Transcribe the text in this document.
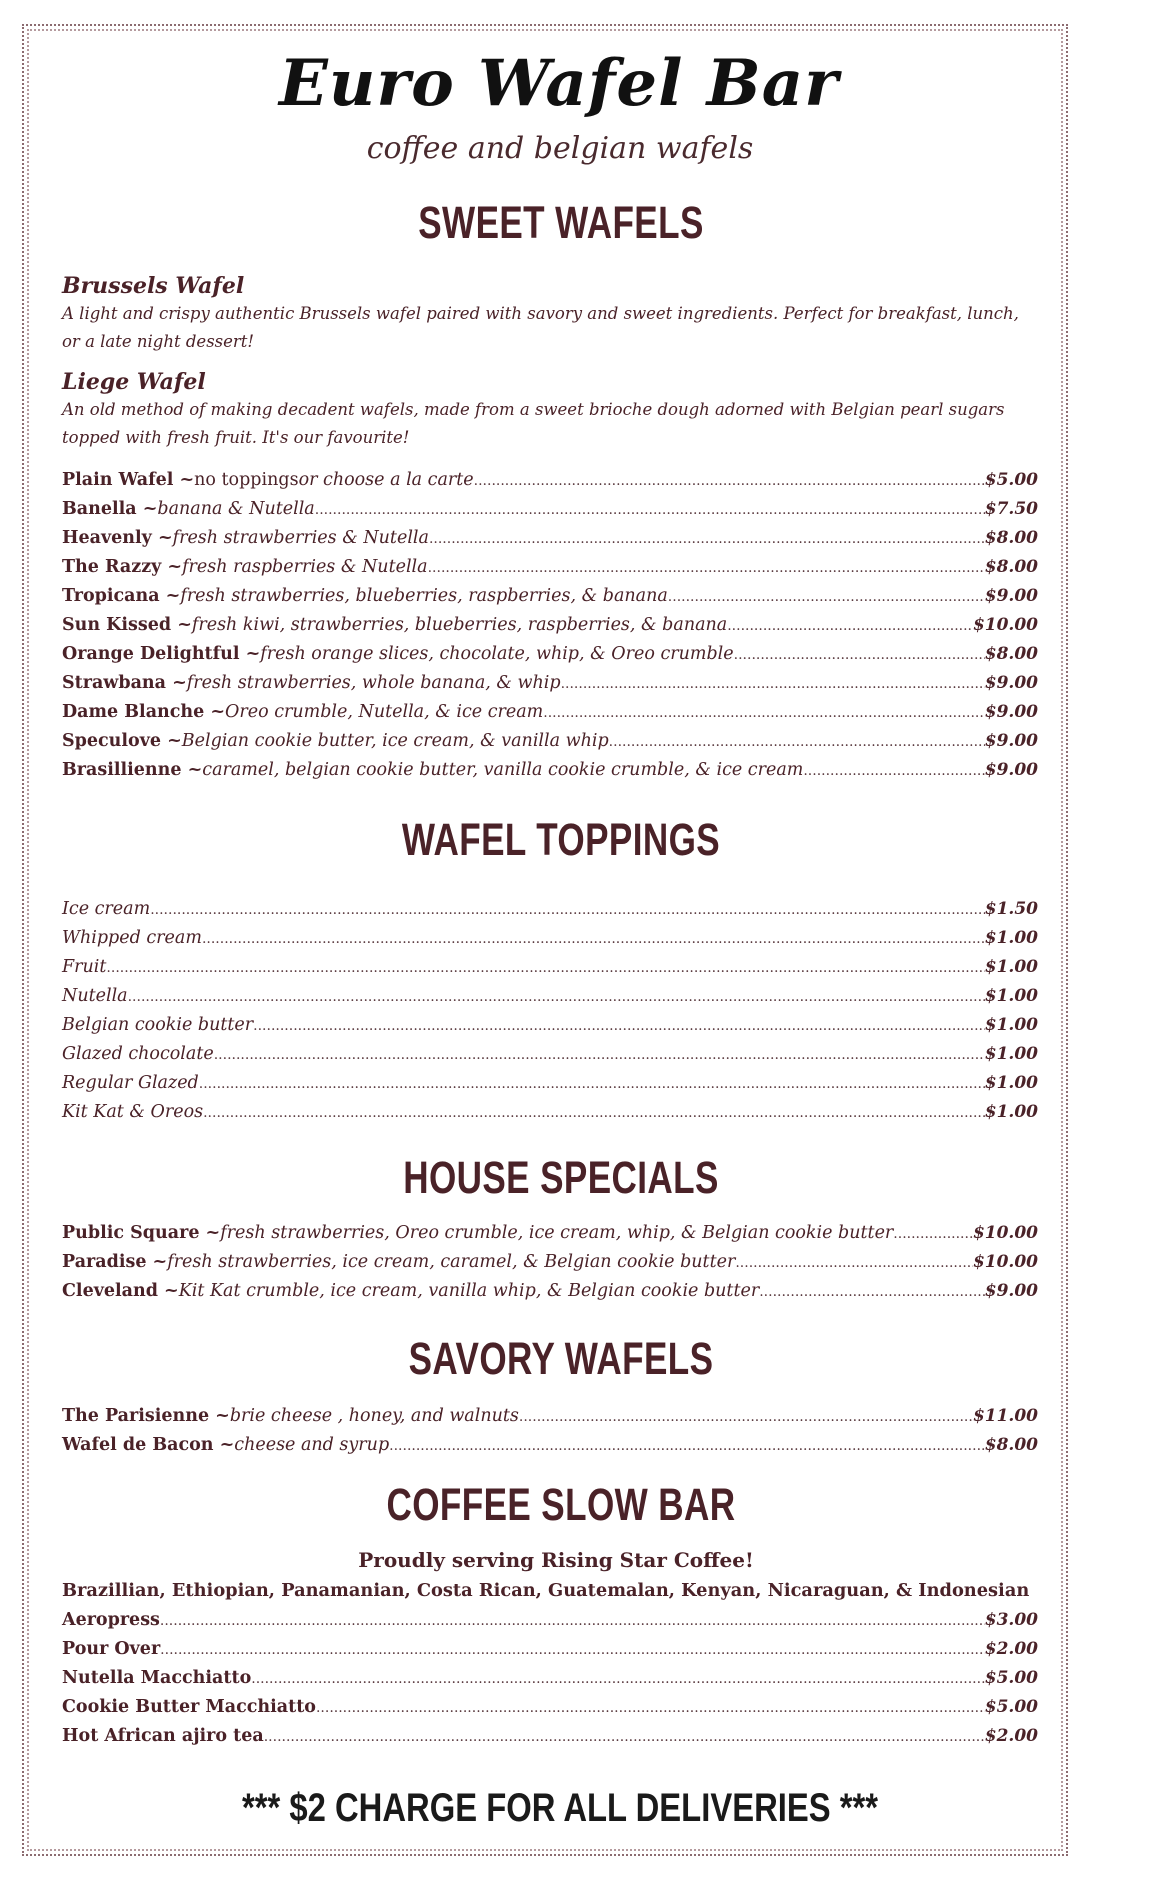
Euro Wafel Bar
coffee and belgian wafels
SWEET WAFELS
Brussels Wafel
A light and crispy authentic Brussels wafel paired with savory and sweet ingredients. Perfect for breakfast, lunch, or a late night dessert!
Liege Wafel
An old method of making decadent wafels, made from a sweet brioche dough adorned with Belgian pearl sugars topped with fresh fruit. It's our favourite!
Plain Wafel ~ no toppings or choose a la carte .....	$5.00
Banella ~ banana & Nutella .....	$7.50
Heavenly ~ fresh strawberries & Nutella .....	$8.00
The Razzy ~ fresh raspberries & Nutella .....	$8.00
Tropicana ~ fresh strawberries, blueberries, raspberries, & banana .....	$9.00
Sun Kissed ~ fresh kiwi, strawberries, blueberries, raspberries, & banana .....	$10.00
Orange Delightful ~ fresh orange slices, chocolate, whip, & Oreo crumble .....	$8.00
Strawbana ~ fresh strawberries, whole banana, & whip .....	$9.00
Dame Blanche ~ Oreo crumble, Nutella, & ice cream .....	$9.00
Speculove ~ Belgian cookie butter, ice cream, & vanilla whip .....	$9.00
Brasillienne ~ caramel, belgian cookie butter, vanilla cookie crumble, & ice cream .....	$9.00
WAFEL TOPPINGS
Ice cream .....	$1.50
Whipped cream .....	$1.00
Fruit .....	$1.00
Nutella .....	$1.00
Belgian cookie butter .....	$1.00
Glazed chocolate .....	$1.00
Regular Glazed .....	$1.00
Kit Kat & Oreos .....	$1.00
HOUSE SPECIALS
Public Square ~ fresh strawberries, Oreo crumble, ice cream, whip, & Belgian cookie butter .....	$10.00
Paradise ~ fresh strawberries, ice cream, caramel, & Belgian cookie butter .....	$10.00
Cleveland ~ Kit Kat crumble, ice cream, vanilla whip, & Belgian cookie butter .....	$9.00
SAVORY WAFELS
The Parisienne ~ brie cheese , honey, and walnuts .....	$11.00
Wafel de Bacon ~ cheese and syrup .....	$8.00
COFFEE SLOW BAR
Proudly serving Rising Star Coffee!
Brazillian, Ethiopian, Panamanian, Costa Rican, Guatemalan, Kenyan, Nicaraguan, & Indonesian
Aeropress .....	$3.00
Pour Over .....	$2.00
Nutella Macchiatto .....	$5.00
Cookie Butter Macchiatto .....	$5.00
Hot African ajiro tea .....	$2.00
*** $2 CHARGE FOR ALL DELIVERIES ***
